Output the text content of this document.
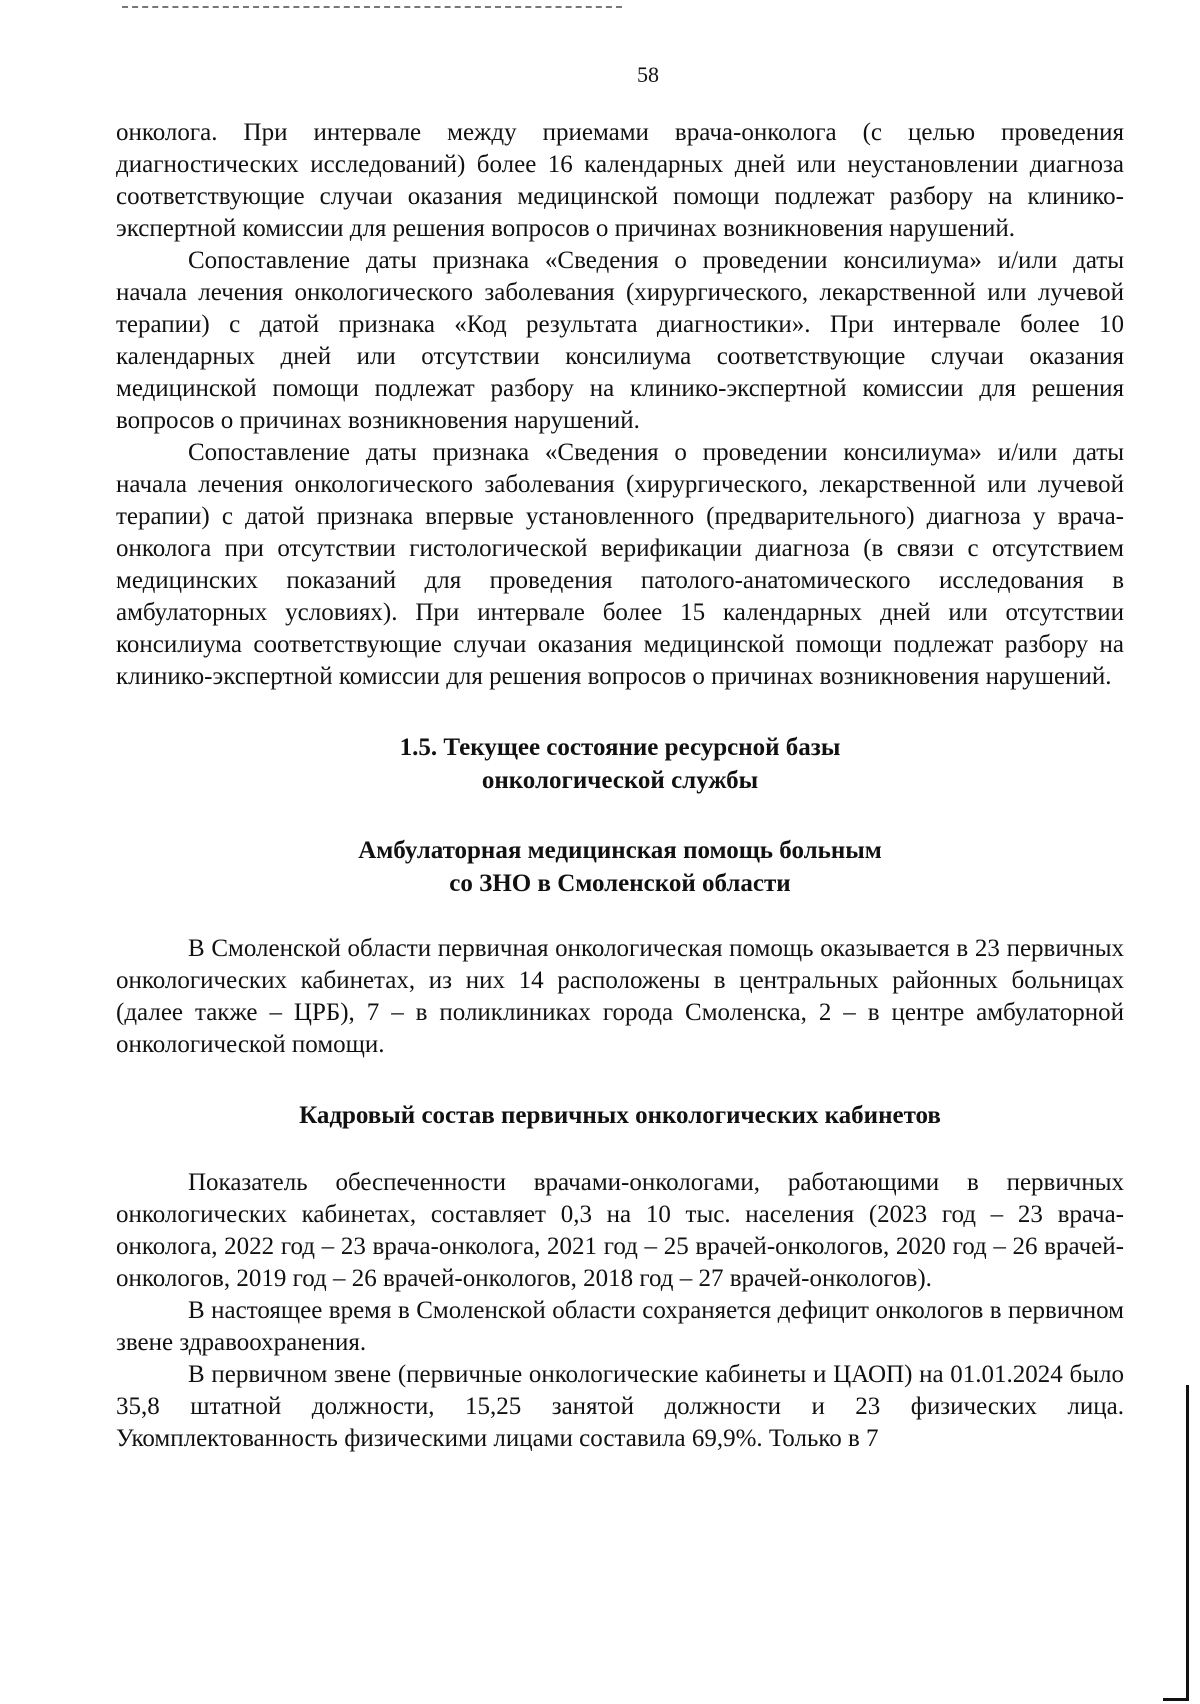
58

онколога. При интервале между приемами врача-онколога (с целью проведения диагностических исследований) более 16 календарных дней или неустановлении диагноза соответствующие случаи оказания медицинской помощи подлежат разбору на клинико-экспертной комиссии для решения вопросов о причинах возникновения нарушений.

Сопоставление даты признака «Сведения о проведении консилиума» и/или даты начала лечения онкологического заболевания (хирургического, лекарственной или лучевой терапии) с датой признака «Код результата диагностики». При интервале более 10 календарных дней или отсутствии консилиума соответствующие случаи оказания медицинской помощи подлежат разбору на клинико-экспертной комиссии для решения вопросов о причинах возникновения нарушений.

Сопоставление даты признака «Сведения о проведении консилиума» и/или даты начала лечения онкологического заболевания (хирургического, лекарственной или лучевой терапии) с датой признака впервые установленного (предварительного) диагноза у врача-онколога при отсутствии гистологической верификации диагноза (в связи с отсутствием медицинских показаний для проведения патолого-анатомического исследования в амбулаторных условиях). При интервале более 15 календарных дней или отсутствии консилиума соответствующие случаи оказания медицинской помощи подлежат разбору на клинико-экспертной комиссии для решения вопросов о причинах возникновения нарушений.

1.5. Текущее состояние ресурсной базы
онкологической службы
Амбулаторная медицинская помощь больным
со ЗНО в Смоленской области

В Смоленской области первичная онкологическая помощь оказывается в 23 первичных онкологических кабинетах, из них 14 расположены в центральных районных больницах (далее также – ЦРБ), 7 – в поликлиниках города Смоленска, 2 – в центре амбулаторной онкологической помощи.

Кадровый состав первичных онкологических кабинетов

Показатель обеспеченности врачами-онкологами, работающими в первичных онкологических кабинетах, составляет 0,3 на 10 тыс. населения (2023 год – 23 врача-онколога, 2022 год – 23 врача-онколога, 2021 год – 25 врачей-онкологов, 2020 год – 26 врачей-онкологов, 2019 год – 26 врачей-онкологов, 2018 год – 27 врачей-онкологов).

В настоящее время в Смоленской области сохраняется дефицит онкологов в первичном звене здравоохранения.

В первичном звене (первичные онкологические кабинеты и ЦАОП) на 01.01.2024 было 35,8 штатной должности, 15,25 занятой должности и 23 физических лица. Укомплектованность физическими лицами составила 69,9%. Только в 7
